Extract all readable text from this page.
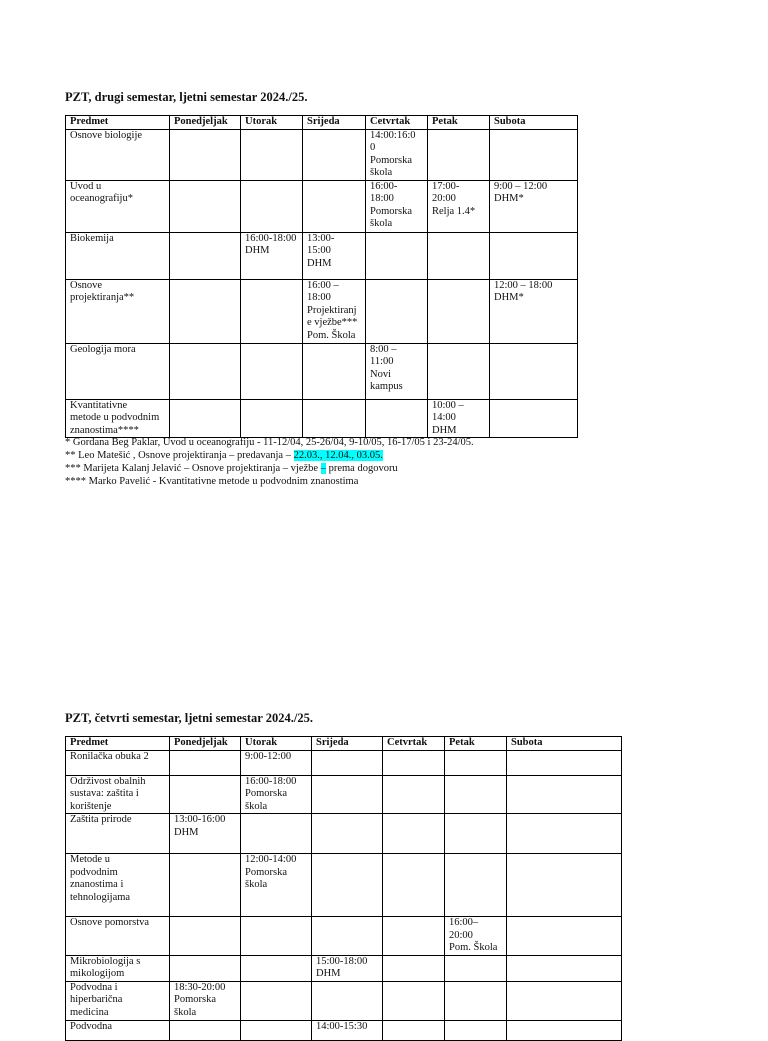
PZT, drugi semestar, ljetni semestar 2024./25.

Predmet	Ponedjeljak	Utorak	Srijeda	Cetvrtak	Petak	Subota

Osnove biologije				14:00:16:0
0
Pomorska
škola		

Uvod u
oceanografiju*				16:00-
18:00
Pomorska
škola	17:00-
20:00
Relja 1.4*	9:00 – 12:00
DHM*

Biokemija		16:00-18:00
DHM	13:00-
15:00
DHM			

Osnove
projektiranja**			16:00 –
18:00
Projektiranj
e vježbe***
Pom. Škola			12:00 – 18:00
DHM*

Geologija mora				8:00 –
11:00
Novi
kampus		

Kvantitativne
metode u podvodnim
znanostima****					10:00 –
14:00
DHM	

* Gordana Beg Paklar, Uvod u oceanografiju - 11-12/04, 25-26/04, 9-10/05, 16-17/05 i 23-24/05.
** Leo Matešić , Osnove projektiranja – predavanja – 22.03., 12.04., 03.05.
*** Marijeta Kalanj Jelavić – Osnove projektiranja – vježbe – prema dogovoru
**** Marko Pavelić - Kvantitativne metode u podvodnim znanostima

PZT, četvrti semestar, ljetni semestar 2024./25.

Predmet	Ponedjeljak	Utorak	Srijeda	Cetvrtak	Petak	Subota

Ronilačka obuka 2		9:00-12:00				

Održivost obalnih
sustava: zaštita i
korištenje		16:00-18:00
Pomorska
škola				

Zaštita prirode	13:00-16:00
DHM					

Metode u
podvodnim
znanostima i
tehnologijama		12:00-14:00
Pomorska
škola				

Osnove pomorstva					16:00–
20:00
Pom. Škola	

Mikrobiologija s
mikologijom			15:00-18:00
DHM			

Podvodna i
hiperbarična
medicina	18:30-20:00
Pomorska
škola					

Podvodna			14:00-15:30			
